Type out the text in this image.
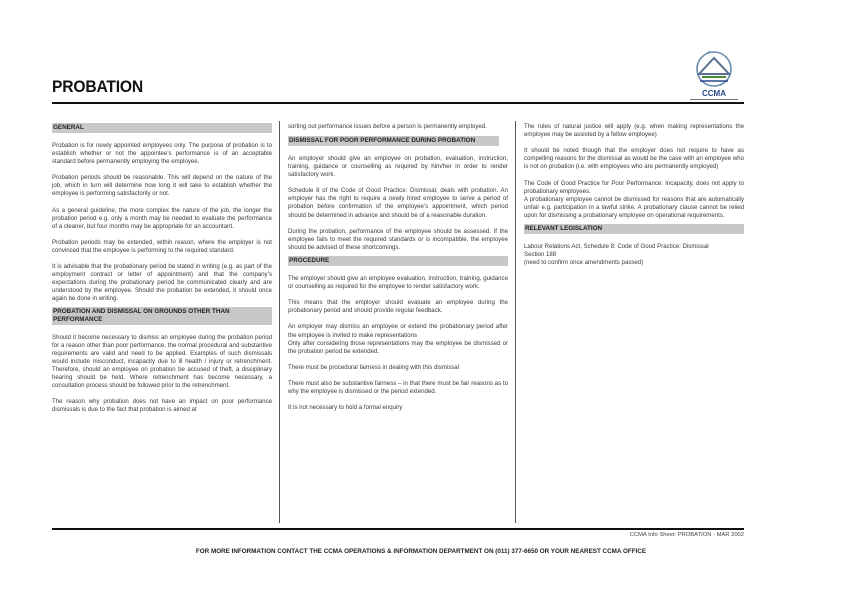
PROBATION	CCMA
GENERAL

Probation is for newly appointed employees only. The purpose of probation is to establish whether or not the appointee’s performance is of an acceptable standard before permanently employing the employee.

Probation periods should be reasonable. This will depend on the nature of the job, which in turn will determine how long it will take to establish whether the employee is performing satisfactorily or not.

As a general guideline, the more complex the nature of the job, the longer the probation period e.g. only a month may be needed to evaluate the performance of a cleaner, but four months may be appropriate for an accountant.

Probation periods may be extended, within reason, where the employer is not convinced that the employee is performing to the required standard.

It is advisable that the probationary period be stated in writing (e.g. as part of the employment contract or letter of appointment) and that the company’s expectations during the probationary period be communicated clearly and are understood by the employee. Should the probation be extended, it should once again be done in writing.

PROBATION AND DISMISSAL ON GROUNDS OTHER THAN PERFORMANCE

Should it become necessary to dismiss an employee during the probation period for a reason other than poor performance, the normal procedural and substantive requirements are valid and need to be applied. Examples of such dismissals would include misconduct, incapacity due to ill health / injury or retrenchment. Therefore, should an employee on probation be accused of theft, a disciplinary hearing should be held. Where retrenchment has become necessary, a consultation process should be followed prior to the retrenchment.

The reason why probation does not have an impact on poor performance dismissals is due to the fact that probation is aimed at

sorting out performance issues before a person is permanently employed.

DISMISSAL FOR POOR PERFORMANCE DURING PROBATION

An employer should give an employee on probation, evaluation, instruction, training, guidance or counselling as required by him/her in order to render satisfactory work.

Schedule 8 of the Code of Good Practice: Dismissal, deals with probation. An employer has the right to require a newly hired employee to serve a period of probation before confirmation of the employee’s appointment, which period should be determined in advance and should be of a reasonable duration.

During the probation, performance of the employee should be assessed. If the employee fails to meet the required standards or is incompatible, the employee should be advised of these shortcomings.

PROCEDURE

The employer should give an employee evaluation, instruction, training, guidance or counselling as required for the employee to render satisfactory work.

This means that the employer should evaluate an employee during the probationary period and should provide regular feedback.

An employer may dismiss an employee or extend the probationary period after the employee is invited to make representations

Only after considering those representations may the employee be dismissed or the probation period be extended.

There must be procedural fairness in dealing with this dismissal

There must also be substantive fairness – in that there must be fair reasons as to why the employee is dismissed or the period extended.

It is not necessary to hold a formal enquiry

The rules of natural justice will apply (e.g. when making representations the employee may be assisted by a fellow employee)

It should be noted though that the employer does not require to have as compelling reasons for the dismissal as would be the case with an employee who is not on probation (i.e. with employees who are permanently employed)

The Code of Good Practice for Poor Performance: Incapacity, does not apply to probationary employees.

A probationary employee cannot be dismissed for reasons that are automatically unfair e.g. participation in a lawful strike. A probationary clause cannot be relied upon for dismissing a probationary employee on operational requirements.

RELEVANT LEGISLATION
Labour Relations Act, Schedule 8: Code of Good Practice: Dismissal
Section 188
(need to confirm once amendments passed)
CCMA Info Sheet: PROBATION - MAR 2002
FOR MORE INFORMATION CONTACT THE CCMA OPERATIONS & INFORMATION DEPARTMENT ON (011) 377-6650 OR YOUR NEAREST CCMA OFFICE
